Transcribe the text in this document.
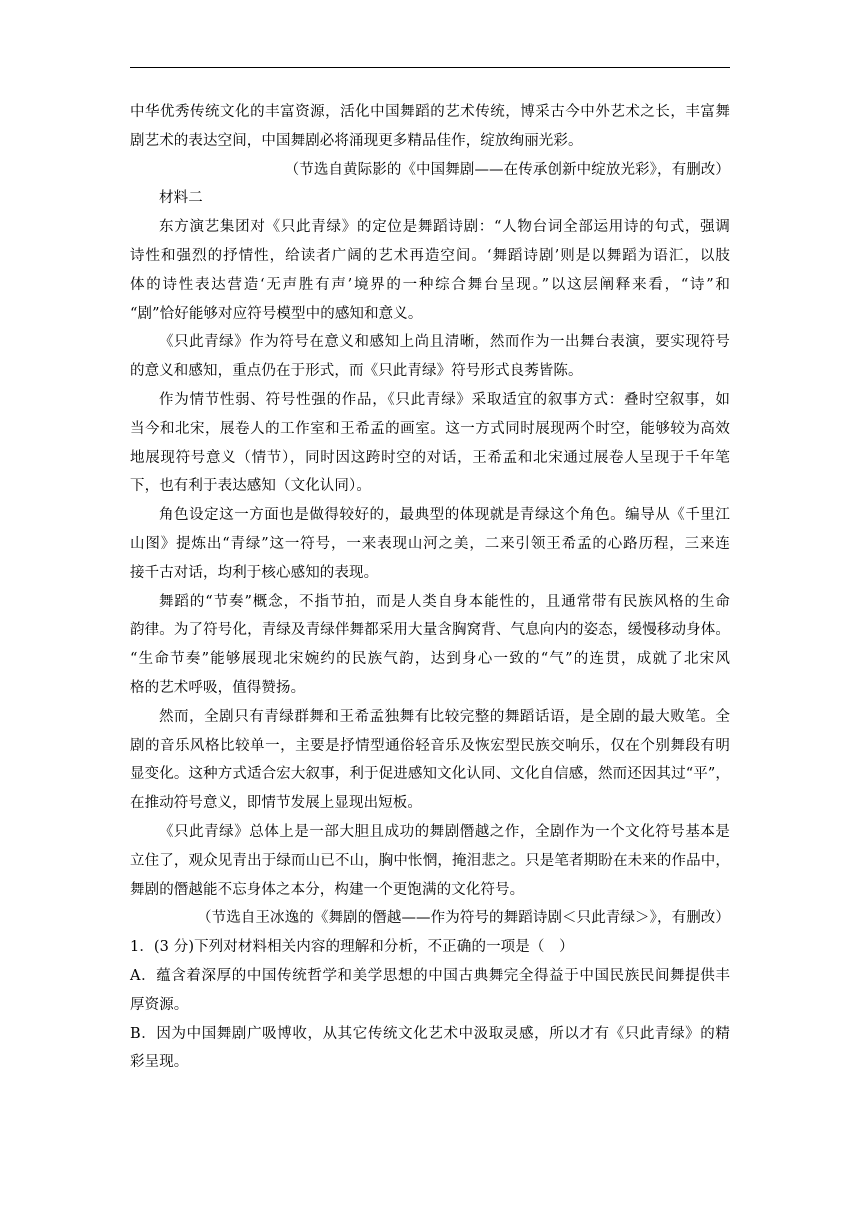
中华优秀传统文化的丰富资源，活化中国舞蹈的艺术传统，博采古今中外艺术之长，丰富舞
剧艺术的表达空间，中国舞剧必将涌现更多精品佳作，绽放绚丽光彩。
（节选自黄际影的《中国舞剧——在传承创新中绽放光彩》，有删改）
材料二
东方演艺集团对《只此青绿》的定位是舞蹈诗剧：“人物台词全部运用诗的句式，强调
诗性和强烈的抒情性，给读者广阔的艺术再造空间。‘舞蹈诗剧’则是以舞蹈为语汇，以肢
体的诗性表达营造‘无声胜有声’境界的一种综合舞台呈现。”以这层阐释来看，“诗”和
“剧”恰好能够对应符号模型中的感知和意义。
《只此青绿》作为符号在意义和感知上尚且清晰，然而作为一出舞台表演，要实现符号
的意义和感知，重点仍在于形式，而《只此青绿》符号形式良莠皆陈。
作为情节性弱、符号性强的作品，《只此青绿》采取适宜的叙事方式：叠时空叙事，如
当今和北宋，展卷人的工作室和王希孟的画室。这一方式同时展现两个时空，能够较为高效
地展现符号意义（情节），同时因这跨时空的对话，王希孟和北宋通过展卷人呈现于千年笔
下，也有利于表达感知（文化认同）。
角色设定这一方面也是做得较好的，最典型的体现就是青绿这个角色。编导从《千里江
山图》提炼出“青绿”这一符号，一来表现山河之美，二来引领王希孟的心路历程，三来连
接千古对话，均利于核心感知的表现。
舞蹈的“节奏”概念，不指节拍，而是人类自身本能性的，且通常带有民族风格的生命
韵律。为了符号化，青绿及青绿伴舞都采用大量含胸窝背、气息向内的姿态，缓慢移动身体。
“生命节奏”能够展现北宋婉约的民族气韵，达到身心一致的“气”的连贯，成就了北宋风
格的艺术呼吸，值得赞扬。
然而，全剧只有青绿群舞和王希孟独舞有比较完整的舞蹈话语，是全剧的最大败笔。全
剧的音乐风格比较单一，主要是抒情型通俗轻音乐及恢宏型民族交响乐，仅在个别舞段有明
显变化。这种方式适合宏大叙事，利于促进感知文化认同、文化自信感，然而还因其过“平”，
在推动符号意义，即情节发展上显现出短板。
《只此青绿》总体上是一部大胆且成功的舞剧僭越之作，全剧作为一个文化符号基本是
立住了，观众见青出于绿而山已不山，胸中怅惘，掩泪悲之。只是笔者期盼在未来的作品中，
舞剧的僭越能不忘身体之本分，构建一个更饱满的文化符号。
（节选自王冰逸的《舞剧的僭越——作为符号的舞蹈诗剧＜只此青绿＞》，有删改）
1．(3 分)下列对材料相关内容的理解和分析，不正确的一项是（　）
A．蕴含着深厚的中国传统哲学和美学思想的中国古典舞完全得益于中国民族民间舞提供丰
厚资源。
B．因为中国舞剧广吸博收，从其它传统文化艺术中汲取灵感，所以才有《只此青绿》的精
彩呈现。
